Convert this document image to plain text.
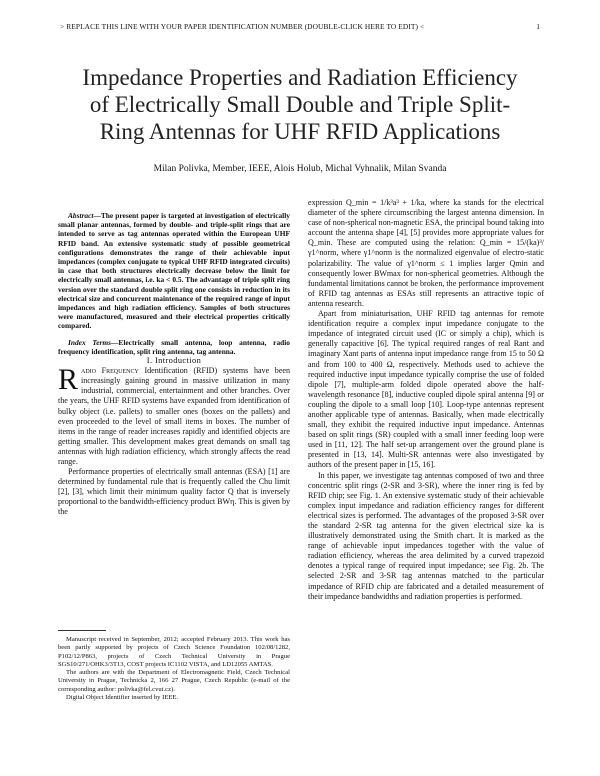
> REPLACE THIS LINE WITH YOUR PAPER IDENTIFICATION NUMBER (DOUBLE-CLICK HERE TO EDIT) <	1
Impedance Properties and Radiation Efficiency
of Electrically Small Double and Triple Split-
Ring Antennas for UHF RFID Applications
Milan Polivka, Member, IEEE, Alois Holub, Michal Vyhnalik, Milan Svanda

Abstract—The present paper is targeted at investigation of electrically small planar antennas, formed by double- and triple-split rings that are intended to serve as tag antennas operated within the European UHF RFID band. An extensive systematic study of possible geometrical configurations demonstrates the range of their achievable input impedances (complex conjugate to typical UHF RFID integrated circuits) in case that both structures electrically decrease below the limit for electrically small antennas, i.e. ka < 0.5. The advantage of triple split ring version over the standard double split ring one consists in reduction in its electrical size and concurrent maintenance of the required range of input impedances and high radiation efficiency. Samples of both structures were manufactured, measured and their electrical properties critically compared.

Index Terms—Electrically small antenna, loop antenna, radio frequency identification, split ring antenna, tag antenna.

I. Introduction

Radio Frequency Identification (RFID) systems have been increasingly gaining ground in massive utilization in many industrial, commercial, entertainment and other branches. Over the years, the UHF RFID systems have expanded from identification of bulky object (i.e. pallets) to smaller ones (boxes on the pallets) and even proceeded to the level of small items in boxes. The number of items in the range of reader increases rapidly and identified objects are getting smaller. This development makes great demands on small tag antennas with high radiation efficiency, which strongly affects the read range.

Performance properties of electrically small antennas (ESA) [1] are determined by fundamental rule that is frequently called the Chu limit [2], [3], which limit their minimum quality factor Q that is inversely proportional to the bandwidth-efficiency product BWη. This is given by the

Manuscript received in September, 2012; accepted February 2013. This work has been partly supported by projects of Czech Science Foundation 102/08/1282, P102/12/P863, projects of Czech Technical University in Prague SGS10/271/OHK3/3T13, COST projects IC1102 VISTA, and LD12055 AMTAS.

The authors are with the Department of Electromagnetic Field, Czech Technical University in Prague, Technicka 2, 166 27 Prague, Czech Republic (e-mail of the corresponding author: polivka@fel.cvut.cz).

Digital Object Identifier inserted by IEEE.

expression Q_min = 1/k³a³ + 1/ka, where ka stands for the electrical diameter of the sphere circumscribing the largest antenna dimension. In case of non-spherical non-magnetic ESA, the principal bound taking into account the antenna shape [4], [5] provides more appropriate values for Q_min. These are computed using the relation: Q_min = 15/(ka)³/γ1^norm, where γ1^norm is the normalized eigenvalue of electro-static polarizability. The value of γ1^norm ≤ 1 implies larger Qmin and consequently lower BWmax for non-spherical geometries. Although the fundamental limitations cannot be broken, the performance improvement of RFID tag antennas as ESAs still represents an attractive topic of antenna research.

Apart from miniaturisation, UHF RFID tag antennas for remote identification require a complex input impedance conjugate to the impedance of integrated circuit used (IC or simply a chip), which is generally capacitive [6]. The typical required ranges of real Rant and imaginary Xant parts of antenna input impedance range from 15 to 50 Ω and from 100 to 400 Ω, respectively. Methods used to achieve the required inductive input impedance typically comprise the use of folded dipole [7], multiple-arm folded dipole operated above the half-wavelength resonance [8], inductive coupled dipole spiral antenna [9] or coupling the dipole to a small loop [10]. Loop-type antennas represent another applicable type of antennas. Basically, when made electrically small, they exhibit the required inductive input impedance. Antennas based on split rings (SR) coupled with a small inner feeding loop were used in [11, 12]. The half set-up arrangement over the ground plane is presented in [13, 14]. Multi-SR antennas were also investigated by authors of the present paper in [15, 16].

In this paper, we investigate tag antennas composed of two and three concentric split rings (2-SR and 3-SR), where the inner ring is fed by RFID chip; see Fig. 1. An extensive systematic study of their achievable complex input impedance and radiation efficiency ranges for different electrical sizes is performed. The advantages of the proposed 3-SR over the standard 2-SR tag antenna for the given electrical size ka is illustratively demonstrated using the Smith chart. It is marked as the range of achievable input impedances together with the value of radiation efficiency, whereas the area delimited by a curved trapezoid denotes a typical range of required input impedance; see Fig. 2b. The selected 2-SR and 3-SR tag antennas matched to the particular impedance of RFID chip are fabricated and a detailed measurement of their impedance bandwidths and radiation properties is performed.
